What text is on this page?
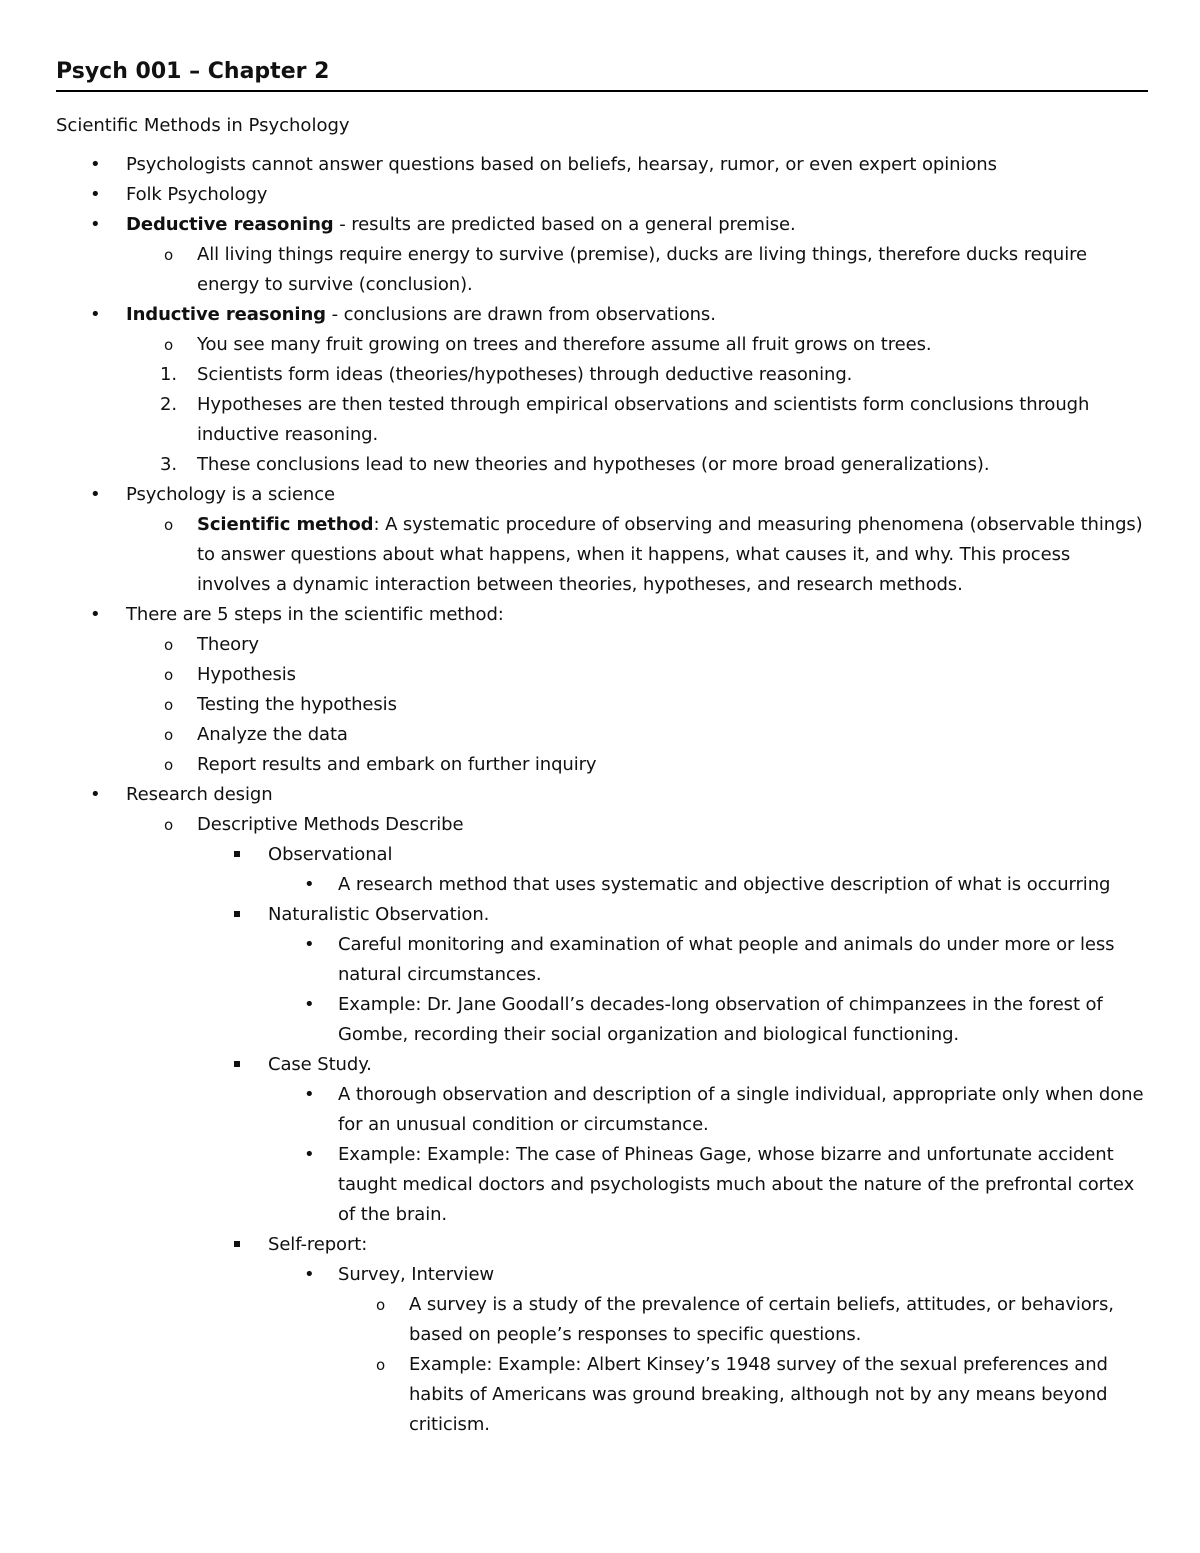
Psych 001 – Chapter 2
Scientific Methods in Psychology
•
Psychologists cannot answer questions based on beliefs, hearsay, rumor, or even expert opinions
•
Folk Psychology
•
Deductive reasoning - results are predicted based on a general premise.
o
All living things require energy to survive (premise), ducks are living things, therefore ducks require energy to survive (conclusion).
•
Inductive reasoning - conclusions are drawn from observations.
o
You see many fruit growing on trees and therefore assume all fruit grows on trees.
1.	Scientists form ideas (theories/hypotheses) through deductive reasoning.
2.	Hypotheses are then tested through empirical observations and scientists form conclusions through inductive reasoning.
3.	These conclusions lead to new theories and hypotheses (or more broad generalizations).
•
Psychology is a science
o
Scientific method: A systematic procedure of observing and measuring phenomena (observable things) to answer questions about what happens, when it happens, what causes it, and why. This process involves a dynamic interaction between theories, hypotheses, and research methods.
•
There are 5 steps in the scientific method:
o
Theory
o
Hypothesis
o
Testing the hypothesis
o
Analyze the data
o
Report results and embark on further inquiry
•
Research design
o
Descriptive Methods Describe
Observational
•
A research method that uses systematic and objective description of what is occurring
Naturalistic Observation.
•
Careful monitoring and examination of what people and animals do under more or less natural circumstances.
•
Example: Dr. Jane Goodall’s decades-long observation of chimpanzees in the forest of Gombe, recording their social organization and biological functioning.
Case Study.
•
A thorough observation and description of a single individual, appropriate only when done for an unusual condition or circumstance.
•
Example: Example: The case of Phineas Gage, whose bizarre and unfortunate accident taught medical doctors and psychologists much about the nature of the prefrontal cortex of the brain.
Self-report:
•
Survey, Interview
o
A survey is a study of the prevalence of certain beliefs, attitudes, or behaviors, based on people’s responses to specific questions.
o
Example: Example: Albert Kinsey’s 1948 survey of the sexual preferences and habits of Americans was ground breaking, although not by any means beyond criticism.
